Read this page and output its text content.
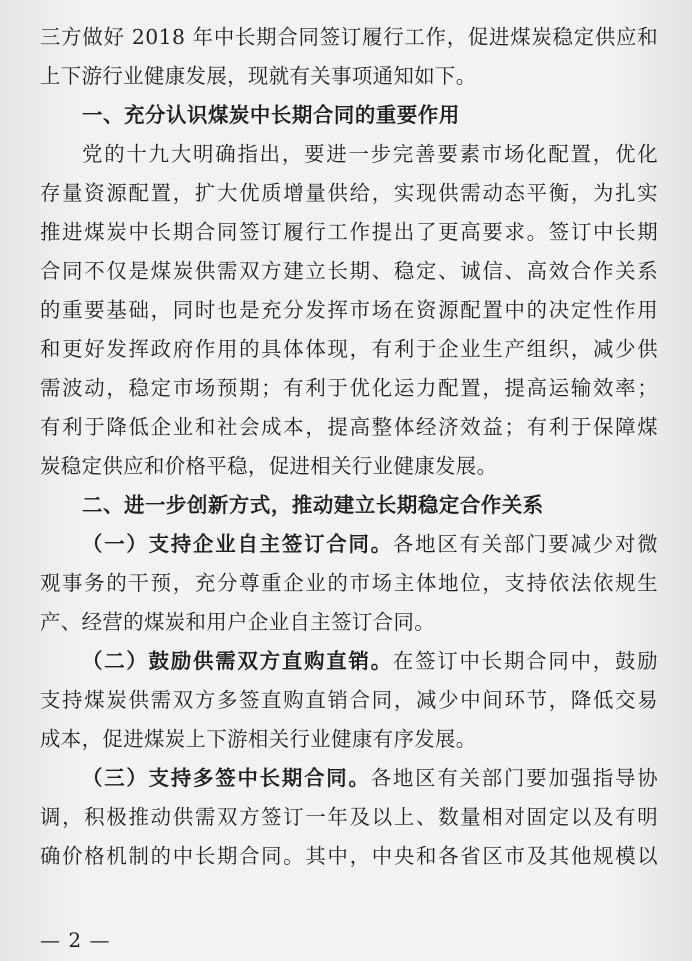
三方做好 2018 年中长期合同签订履行工作，促进煤炭稳定供应和
上下游行业健康发展，现就有关事项通知如下。
一、充分认识煤炭中长期合同的重要作用
党的十九大明确指出，要进一步完善要素市场化配置，优化
存量资源配置，扩大优质增量供给，实现供需动态平衡，为扎实
推进煤炭中长期合同签订履行工作提出了更高要求。签订中长期
合同不仅是煤炭供需双方建立长期、稳定、诚信、高效合作关系
的重要基础，同时也是充分发挥市场在资源配置中的决定性作用
和更好发挥政府作用的具体体现，有利于企业生产组织，减少供
需波动，稳定市场预期；有利于优化运力配置，提高运输效率；
有利于降低企业和社会成本，提高整体经济效益；有利于保障煤
炭稳定供应和价格平稳，促进相关行业健康发展。
二、进一步创新方式，推动建立长期稳定合作关系
（一）支持企业自主签订合同。各地区有关部门要减少对微
观事务的干预，充分尊重企业的市场主体地位，支持依法依规生
产、经营的煤炭和用户企业自主签订合同。
（二）鼓励供需双方直购直销。在签订中长期合同中，鼓励
支持煤炭供需双方多签直购直销合同，减少中间环节，降低交易
成本，促进煤炭上下游相关行业健康有序发展。
（三）支持多签中长期合同。各地区有关部门要加强指导协
调，积极推动供需双方签订一年及以上、数量相对固定以及有明
确价格机制的中长期合同。其中，中央和各省区市及其他规模以
— 2 —
